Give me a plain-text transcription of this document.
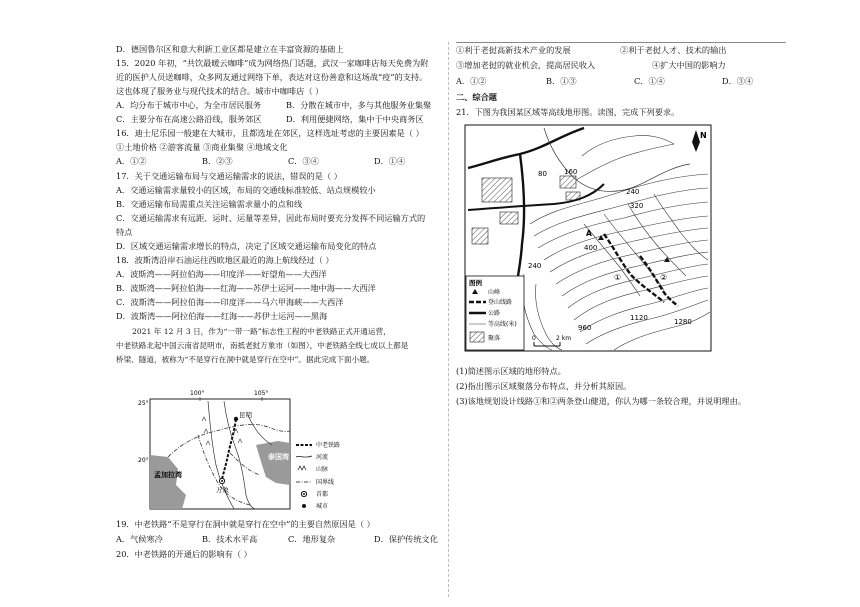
D．德国鲁尔区和意大利新工业区都是建立在丰富资源的基础上
15．2020 年初，“共饮最暖云咖啡”成为网络热门话题，武汉一家咖啡店每天免费为附
近的医护人员送咖啡，众多网友通过网络下单，表达对这份善意和这场战“疫”的支持。
这也体现了服务业与现代技术的结合。城市中咖啡店（ ）
A．均分布于城市中心，为全市居民服务	B．分散在城市中，多与其他服务业集聚
C．主要分布在高速公路沿线，服务郊区	D．利用便捷网络，集中于中央商务区
16．迪士尼乐园一般建在大城市，且都选址在郊区，这样选址考虑的主要因素是（ ）
①土地价格 ②游客流量 ③商业集聚 ④地域文化
A．①②	B．②③	C．③④	D．①④
17．关于交通运输布局与交通运输需求的说法，错误的是（ ）
A．交通运输需求量较小的区域，布局的交通线标准较低、站点规模较小
B．交通运输布局需重点关注运输需求量小的点和线
C．交通运输需求有远距、运时、运量等差异，因此布局时要充分发挥不同运输方式的
特点
D．区域交通运输需求增长的特点，决定了区域交通运输布局变化的特点
18．波斯湾沿岸石油运往西欧地区最近的海上航线经过（ ）
A．波斯湾——阿拉伯海——印度洋——好望角——大西洋
B．波斯湾——阿拉伯海——红海——苏伊士运河——地中海——大西洋
C．波斯湾——阿拉伯海——印度洋——马六甲海峡——大西洋
D．波斯湾——阿拉伯海——红海——苏伊士运河——黑海
2021 年 12 月 3 日，作为“一带一路”标志性工程的中老铁路正式开通运营，
中老铁路北起中国云南省昆明市，南抵老挝万象市（如图），中老铁路全线七成以上都是
桥梁、隧道，被称为“不是穿行在洞中就是穿行在空中”。据此完成下面小题。
昆明
万象
25°
20°
100°	105°
孟加拉湾
泰国湾
中老铁路
河流
山脉
国界线
首都
城市
19．中老铁路“不是穿行在洞中就是穿行在空中”的主要自然原因是（ ）
A．气候寒冷	B．技术水平高	C．地形复杂	D．保护传统文化
20．中老铁路的开通后的影响有（ ）
①利于老挝高新技术产业的发展	②利于老挝人才、技术的输出
③增加老挝的就业机会，提高居民收入	④扩大中国的影响力
A．①②	B．①③	C．①④	D．③④
二、综合题
21．下图为我国某区域等高线地形图。读图，完成下列要求。
80 160
240
320
400
960
1120	1280
240
A
①	②
N
图例
山峰
登山线路
公路
等高线(米)
聚落	0	2 km
(1)简述图示区域的地形特点。
(2)指出图示区域聚落分布特点，并分析其原因。
(3)该地规划设计线路①和②两条登山健道，你认为哪一条较合理，并说明理由。
